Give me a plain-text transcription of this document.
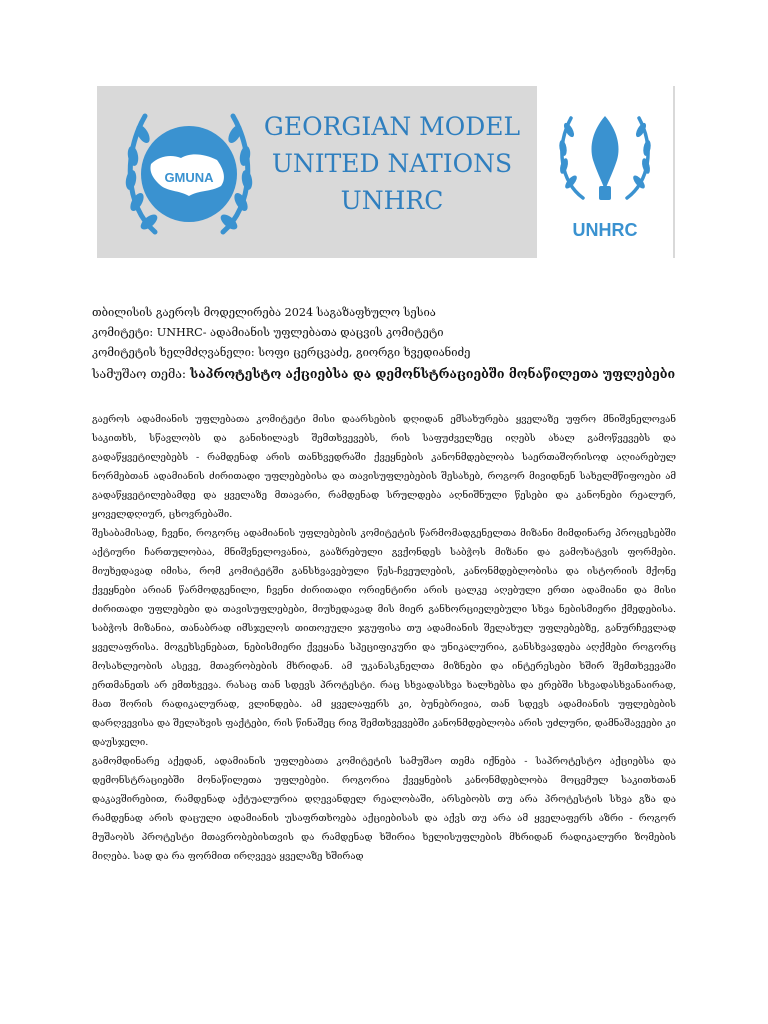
GMUNA
GEORGIAN MODEL
UNITED NATIONS
UNHRC
UNHRC
თბილისის გაეროს მოდელირება 2024 საგაზაფხულო სესია
კომიტეტი: UNHRC- ადამიანის უფლებათა დაცვის კომიტეტი
კომიტეტის ხელმძღვანელი: სოფი ცერცვაძე, გიორგი ხვედიანიძე
სამუშაო თემა: საპროტესტო აქციებსა და დემონსტრაციებში მონაწილეთა უფლებები

გაეროს ადამიანის უფლებათა კომიტეტი მისი დაარსების დღიდან ემსახურება ყველაზე უფრო მნიშვნელოვან საკითხს, სწავლობს და განიხილავს შემთხვევებს, რის საფუძველზეც იღებს ახალ გამოწვევებს და გადაწყვეტილებებს - რამდენად არის თანხვედრაში ქვეყნების კანონმდებლობა საერთაშორისოდ აღიარებულ ნორმებთან ადამიანის ძირითადი უფლებებისა და თავისუფლებების შესახებ, როგორ მივიდნენ სახელმწიფოები ამ გადაწყვეტილებამდე და ყველაზე მთავარი, რამდენად სრულდება აღნიშნული წესები და კანონები რეალურ, ყოველდღიურ, ცხოვრებაში.

შესაბამისად, ჩვენი, როგორც ადამიანის უფლებების კომიტეტის წარმომადგენელთა მიზანი მიმდინარე პროცესებში აქტიური ჩართულობაა, მნიშვნელოვანია, გააზრებული გვქონდეს საბჭოს მიზანი და გამოხატვის ფორმები. მიუხედავად იმისა, რომ კომიტეტში განსხვავებული წეს-ჩვეულების, კანონმდებლობისა და ისტორიის მქონე ქვეყნები არიან წარმოდგენილი, ჩვენი ძირითადი ორიენტირი არის ცალკე აღებული ერთი ადამიანი და მისი ძირითადი უფლებები და თავისუფლებები, მიუხედავად მის მიერ განხორციელებული სხვა ნებისმიერი ქმედებისა. საბჭოს მიზანია, თანაბრად იმსჯელოს თითოეული ჯგუფისა თუ ადამიანის შელახულ უფლებებზე, განურჩევლად ყველაფრისა. მოგეხსენებათ, ნებისმიერი ქვეყანა სპეციფიკური და უნიკალურია, განსხვავდება აღქმები როგორც მოსახლეობის ასევე, მთავრობების მხრიდან. ამ უკანასკნელთა მიზნები და ინტერესები ხშირ შემთხვევაში ერთმანეთს არ ემთხვევა. რასაც თან სდევს პროტესტი. რაც სხვადასხვა ხალხებსა და ერებში სხვადასხვანაირად, მათ შორის რადიკალურად, ვლინდება. ამ ყველაფერს კი, ბუნებრივია, თან სდევს ადამიანის უფლებების დარღვევისა და შელახვის ფაქტები, რის წინაშეც რიგ შემთხვევებში კანონმდებლობა არის უძლური, დამნაშავეები კი დაუსჯელი.

გამომდინარე აქედან, ადამიანის უფლებათა კომიტეტის სამუშაო თემა იქნება - საპროტესტო აქციებსა და დემონსტრაციებში მონაწილეთა უფლებები. როგორია ქვეყნების კანონმდებლობა მოცემულ საკითხთან დაკავშირებით, რამდენად აქტუალურია დღევანდელ რეალობაში, არსებობს თუ არა პროტესტის სხვა გზა და რამდენად არის დაცული ადამიანის უსაფრთხოება აქციებისას და აქვს თუ არა ამ ყველაფერს აზრი - როგორ მუშაობს პროტესტი მთავრობებისთვის და რამდენად ხშირია ხელისუფლების მხრიდან რადიკალური ზომების მიღება. სად და რა ფორმით ირღვევა ყველაზე ხშირად
